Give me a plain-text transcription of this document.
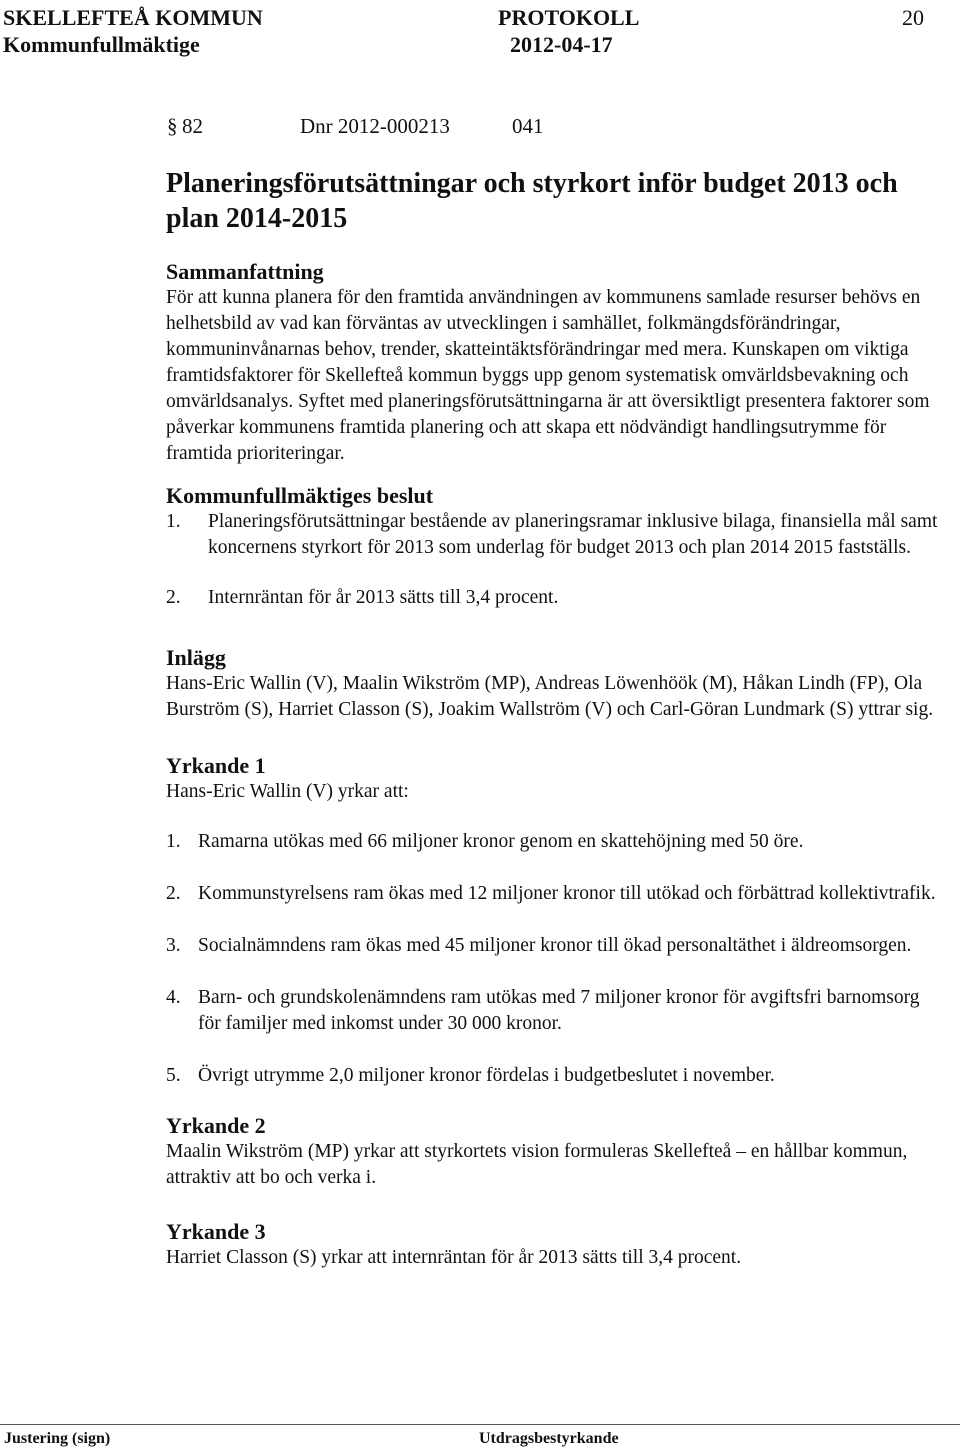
SKELLEFTEÅ KOMMUN
Kommunfullmäktige
PROTOKOLL
2012-04-17
20
§ 82	Dnr 2012-000213	041
Planeringsförutsättningar och styrkort inför budget 2013 och plan 2014-2015
Sammanfattning

För att kunna planera för den framtida användningen av kommunens samlade resurser behövs en helhetsbild av vad kan förväntas av utvecklingen i samhället, folkmängdsförändringar, kommuninvånarnas behov, trender, skatteintäktsförändringar med mera. Kunskapen om viktiga framtidsfaktorer för Skellefteå kommun byggs upp genom systematisk omvärldsbevakning och omvärldsanalys. Syftet med planeringsförutsättningarna är att översiktligt presentera faktorer som påverkar kommunens framtida planering och att skapa ett nödvändigt handlingsutrymme för framtida prioriteringar.

Kommunfullmäktiges beslut
1. Planeringsförutsättningar bestående av planeringsramar inklusive bilaga, finansiella mål samt koncernens styrkort för 2013 som underlag för budget 2013 och plan 2014 2015 fastställs.
2. Internräntan för år 2013 sätts till 3,4 procent.
Inlägg

Hans-Eric Wallin (V), Maalin Wikström (MP), Andreas Löwenhöök (M), Håkan Lindh (FP), Ola Burström (S), Harriet Classon (S), Joakim Wallström (V) och Carl-Göran Lundmark (S) yttrar sig.

Yrkande 1

Hans-Eric Wallin (V) yrkar att:

1. Ramarna utökas med 66 miljoner kronor genom en skattehöjning med 50 öre.
2. Kommunstyrelsens ram ökas med 12 miljoner kronor till utökad och förbättrad kollektivtrafik.
3. Socialnämndens ram ökas med 45 miljoner kronor till ökad personaltäthet i äldreomsorgen.
4. Barn- och grundskolenämndens ram utökas med 7 miljoner kronor för avgiftsfri barnomsorg för familjer med inkomst under 30 000 kronor.
5. Övrigt utrymme 2,0 miljoner kronor fördelas i budgetbeslutet i november.
Yrkande 2

Maalin Wikström (MP) yrkar att styrkortets vision formuleras Skellefteå – en hållbar kommun, attraktiv att bo och verka i.

Yrkande 3

Harriet Classon (S) yrkar att internräntan för år 2013 sätts till 3,4 procent.

Justering (sign)	Utdragsbestyrkande
